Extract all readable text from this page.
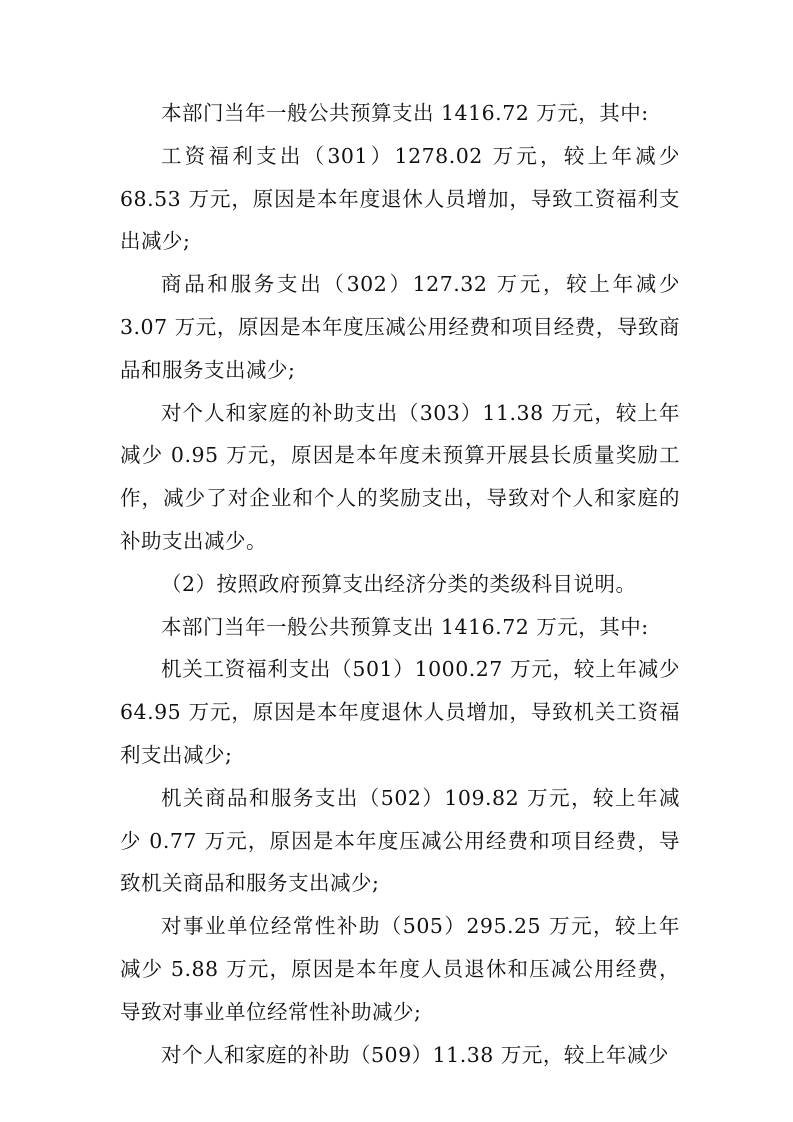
本部门当年一般公共预算支出 1416.72 万元，其中:

工资福利支出（301）1278.02 万元，较上年减少 68.53 万元，原因是本年度退休人员增加，导致工资福利支出减少;

商品和服务支出（302）127.32 万元，较上年减少 3.07 万元，原因是本年度压减公用经费和项目经费，导致商品和服务支出减少;

对个人和家庭的补助支出（303）11.38 万元，较上年减少 0.95 万元，原因是本年度未预算开展县长质量奖励工作，减少了对企业和个人的奖励支出，导致对个人和家庭的补助支出减少。

（2）按照政府预算支出经济分类的类级科目说明。

本部门当年一般公共预算支出 1416.72 万元，其中:

机关工资福利支出（501）1000.27 万元，较上年减少 64.95 万元，原因是本年度退休人员增加，导致机关工资福利支出减少;

机关商品和服务支出（502）109.82 万元，较上年减少 0.77 万元，原因是本年度压减公用经费和项目经费，导致机关商品和服务支出减少;

对事业单位经常性补助（505）295.25 万元，较上年减少 5.88 万元，原因是本年度人员退休和压减公用经费，导致对事业单位经常性补助减少;

对个人和家庭的补助（509）11.38 万元，较上年减少
